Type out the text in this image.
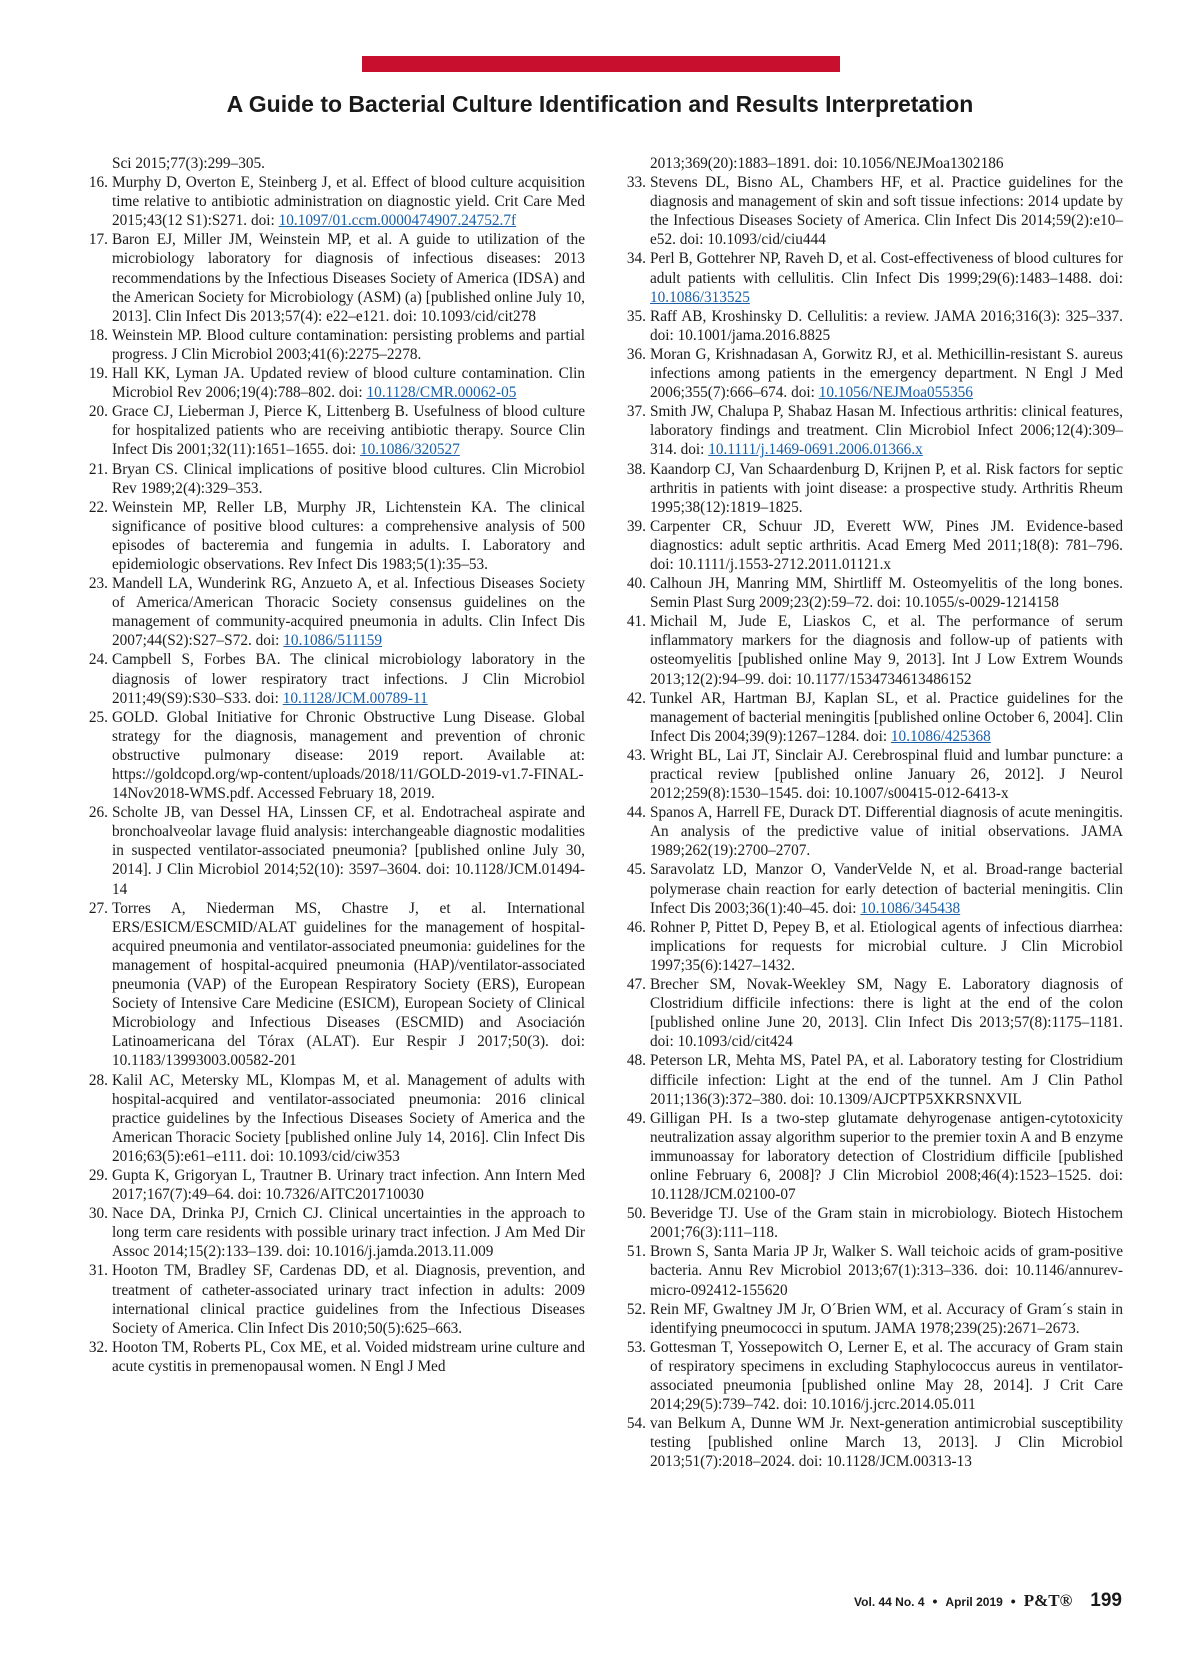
A Guide to Bacterial Culture Identification and Results Interpretation
Sci 2015;77(3):299–305.
16. Murphy D, Overton E, Steinberg J, et al. Effect of blood culture acquisition time relative to antibiotic administration on diagnostic yield. Crit Care Med 2015;43(12 S1):S271. doi: 10.1097/01.ccm.0000474907.24752.7f
17. Baron EJ, Miller JM, Weinstein MP, et al. A guide to utilization of the microbiology laboratory for diagnosis of infectious diseases: 2013 recommendations by the Infectious Diseases Society of America (IDSA) and the American Society for Microbiology (ASM) (a) [published online July 10, 2013]. Clin Infect Dis 2013;57(4): e22–e121. doi: 10.1093/cid/cit278
18. Weinstein MP. Blood culture contamination: persisting problems and partial progress. J Clin Microbiol 2003;41(6):2275–2278.
19. Hall KK, Lyman JA. Updated review of blood culture contamination. Clin Microbiol Rev 2006;19(4):788–802. doi: 10.1128/CMR.00062-05
20. Grace CJ, Lieberman J, Pierce K, Littenberg B. Usefulness of blood culture for hospitalized patients who are receiving antibiotic therapy. Source Clin Infect Dis 2001;32(11):1651–1655. doi: 10.1086/320527
21. Bryan CS. Clinical implications of positive blood cultures. Clin Microbiol Rev 1989;2(4):329–353.
22. Weinstein MP, Reller LB, Murphy JR, Lichtenstein KA. The clinical significance of positive blood cultures: a comprehensive analysis of 500 episodes of bacteremia and fungemia in adults. I. Laboratory and epidemiologic observations. Rev Infect Dis 1983;5(1):35–53.
23. Mandell LA, Wunderink RG, Anzueto A, et al. Infectious Diseases Society of America/American Thoracic Society consensus guidelines on the management of community-acquired pneumonia in adults. Clin Infect Dis 2007;44(S2):S27–S72. doi: 10.1086/511159
24. Campbell S, Forbes BA. The clinical microbiology laboratory in the diagnosis of lower respiratory tract infections. J Clin Microbiol 2011;49(S9):S30–S33. doi: 10.1128/JCM.00789-11
25. GOLD. Global Initiative for Chronic Obstructive Lung Disease. Global strategy for the diagnosis, management and prevention of chronic obstructive pulmonary disease: 2019 report. Available at: https://goldcopd.org/wp-content/uploads/2018/11/GOLD-2019-v1.7-FINAL-14Nov2018-WMS.pdf. Accessed February 18, 2019.
26. Scholte JB, van Dessel HA, Linssen CF, et al. Endotracheal aspirate and bronchoalveolar lavage fluid analysis: interchangeable diagnostic modalities in suspected ventilator-associated pneumonia? [published online July 30, 2014]. J Clin Microbiol 2014;52(10): 3597–3604. doi: 10.1128/JCM.01494-14
27. Torres A, Niederman MS, Chastre J, et al. International ERS/ESICM/ESCMID/ALAT guidelines for the management of hospital-acquired pneumonia and ventilator-associated pneumonia: guidelines for the management of hospital-acquired pneumonia (HAP)/ventilator-associated pneumonia (VAP) of the European Respiratory Society (ERS), European Society of Intensive Care Medicine (ESICM), European Society of Clinical Microbiology and Infectious Diseases (ESCMID) and Asociación Latinoamericana del Tórax (ALAT). Eur Respir J 2017;50(3). doi: 10.1183/13993003.00582-201
28. Kalil AC, Metersky ML, Klompas M, et al. Management of adults with hospital-acquired and ventilator-associated pneumonia: 2016 clinical practice guidelines by the Infectious Diseases Society of America and the American Thoracic Society [published online July 14, 2016]. Clin Infect Dis 2016;63(5):e61–e111. doi: 10.1093/cid/ciw353
29. Gupta K, Grigoryan L, Trautner B. Urinary tract infection. Ann Intern Med 2017;167(7):49–64. doi: 10.7326/AITC201710030
30. Nace DA, Drinka PJ, Crnich CJ. Clinical uncertainties in the approach to long term care residents with possible urinary tract infection. J Am Med Dir Assoc 2014;15(2):133–139. doi: 10.1016/j.jamda.2013.11.009
31. Hooton TM, Bradley SF, Cardenas DD, et al. Diagnosis, prevention, and treatment of catheter-associated urinary tract infection in adults: 2009 international clinical practice guidelines from the Infectious Diseases Society of America. Clin Infect Dis 2010;50(5):625–663.
32. Hooton TM, Roberts PL, Cox ME, et al. Voided midstream urine culture and acute cystitis in premenopausal women. N Engl J Med
2013;369(20):1883–1891. doi: 10.1056/NEJMoa1302186
33. Stevens DL, Bisno AL, Chambers HF, et al. Practice guidelines for the diagnosis and management of skin and soft tissue infections: 2014 update by the Infectious Diseases Society of America. Clin Infect Dis 2014;59(2):e10–e52. doi: 10.1093/cid/ciu444
34. Perl B, Gottehrer NP, Raveh D, et al. Cost-effectiveness of blood cultures for adult patients with cellulitis. Clin Infect Dis 1999;29(6):1483–1488. doi: 10.1086/313525
35. Raff AB, Kroshinsky D. Cellulitis: a review. JAMA 2016;316(3): 325–337. doi: 10.1001/jama.2016.8825
36. Moran G, Krishnadasan A, Gorwitz RJ, et al. Methicillin-resistant S. aureus infections among patients in the emergency department. N Engl J Med 2006;355(7):666–674. doi: 10.1056/NEJMoa055356
37. Smith JW, Chalupa P, Shabaz Hasan M. Infectious arthritis: clinical features, laboratory findings and treatment. Clin Microbiol Infect 2006;12(4):309–314. doi: 10.1111/j.1469-0691.2006.01366.x
38. Kaandorp CJ, Van Schaardenburg D, Krijnen P, et al. Risk factors for septic arthritis in patients with joint disease: a prospective study. Arthritis Rheum 1995;38(12):1819–1825.
39. Carpenter CR, Schuur JD, Everett WW, Pines JM. Evidence-based diagnostics: adult septic arthritis. Acad Emerg Med 2011;18(8): 781–796. doi: 10.1111/j.1553-2712.2011.01121.x
40. Calhoun JH, Manring MM, Shirtliff M. Osteomyelitis of the long bones. Semin Plast Surg 2009;23(2):59–72. doi: 10.1055/s-0029-1214158
41. Michail M, Jude E, Liaskos C, et al. The performance of serum inflammatory markers for the diagnosis and follow-up of patients with osteomyelitis [published online May 9, 2013]. Int J Low Extrem Wounds 2013;12(2):94–99. doi: 10.1177/1534734613486152
42. Tunkel AR, Hartman BJ, Kaplan SL, et al. Practice guidelines for the management of bacterial meningitis [published online October 6, 2004]. Clin Infect Dis 2004;39(9):1267–1284. doi: 10.1086/425368
43. Wright BL, Lai JT, Sinclair AJ. Cerebrospinal fluid and lumbar puncture: a practical review [published online January 26, 2012]. J Neurol 2012;259(8):1530–1545. doi: 10.1007/s00415-012-6413-x
44. Spanos A, Harrell FE, Durack DT. Differential diagnosis of acute meningitis. An analysis of the predictive value of initial observations. JAMA 1989;262(19):2700–2707.
45. Saravolatz LD, Manzor O, VanderVelde N, et al. Broad-range bacterial polymerase chain reaction for early detection of bacterial meningitis. Clin Infect Dis 2003;36(1):40–45. doi: 10.1086/345438
46. Rohner P, Pittet D, Pepey B, et al. Etiological agents of infectious diarrhea: implications for requests for microbial culture. J Clin Microbiol 1997;35(6):1427–1432.
47. Brecher SM, Novak-Weekley SM, Nagy E. Laboratory diagnosis of Clostridium difficile infections: there is light at the end of the colon [published online June 20, 2013]. Clin Infect Dis 2013;57(8):1175–1181. doi: 10.1093/cid/cit424
48. Peterson LR, Mehta MS, Patel PA, et al. Laboratory testing for Clostridium difficile infection: Light at the end of the tunnel. Am J Clin Pathol 2011;136(3):372–380. doi: 10.1309/AJCPTP5XKRSNXVIL
49. Gilligan PH. Is a two-step glutamate dehyrogenase antigen-cytotoxicity neutralization assay algorithm superior to the premier toxin A and B enzyme immunoassay for laboratory detection of Clostridium difficile [published online February 6, 2008]? J Clin Microbiol 2008;46(4):1523–1525. doi: 10.1128/JCM.02100-07
50. Beveridge TJ. Use of the Gram stain in microbiology. Biotech Histochem 2001;76(3):111–118.
51. Brown S, Santa Maria JP Jr, Walker S. Wall teichoic acids of gram-positive bacteria. Annu Rev Microbiol 2013;67(1):313–336. doi: 10.1146/annurev-micro-092412-155620
52. Rein MF, Gwaltney JM Jr, O´Brien WM, et al. Accuracy of Gram´s stain in identifying pneumococci in sputum. JAMA 1978;239(25):2671–2673.
53. Gottesman T, Yossepowitch O, Lerner E, et al. The accuracy of Gram stain of respiratory specimens in excluding Staphylococcus aureus in ventilator-associated pneumonia [published online May 28, 2014]. J Crit Care 2014;29(5):739–742. doi: 10.1016/j.jcrc.2014.05.011
54. van Belkum A, Dunne WM Jr. Next-generation antimicrobial susceptibility testing [published online March 13, 2013]. J Clin Microbiol 2013;51(7):2018–2024. doi: 10.1128/JCM.00313-13
Vol. 44 No. 4 • April 2019 • P&T® 199
